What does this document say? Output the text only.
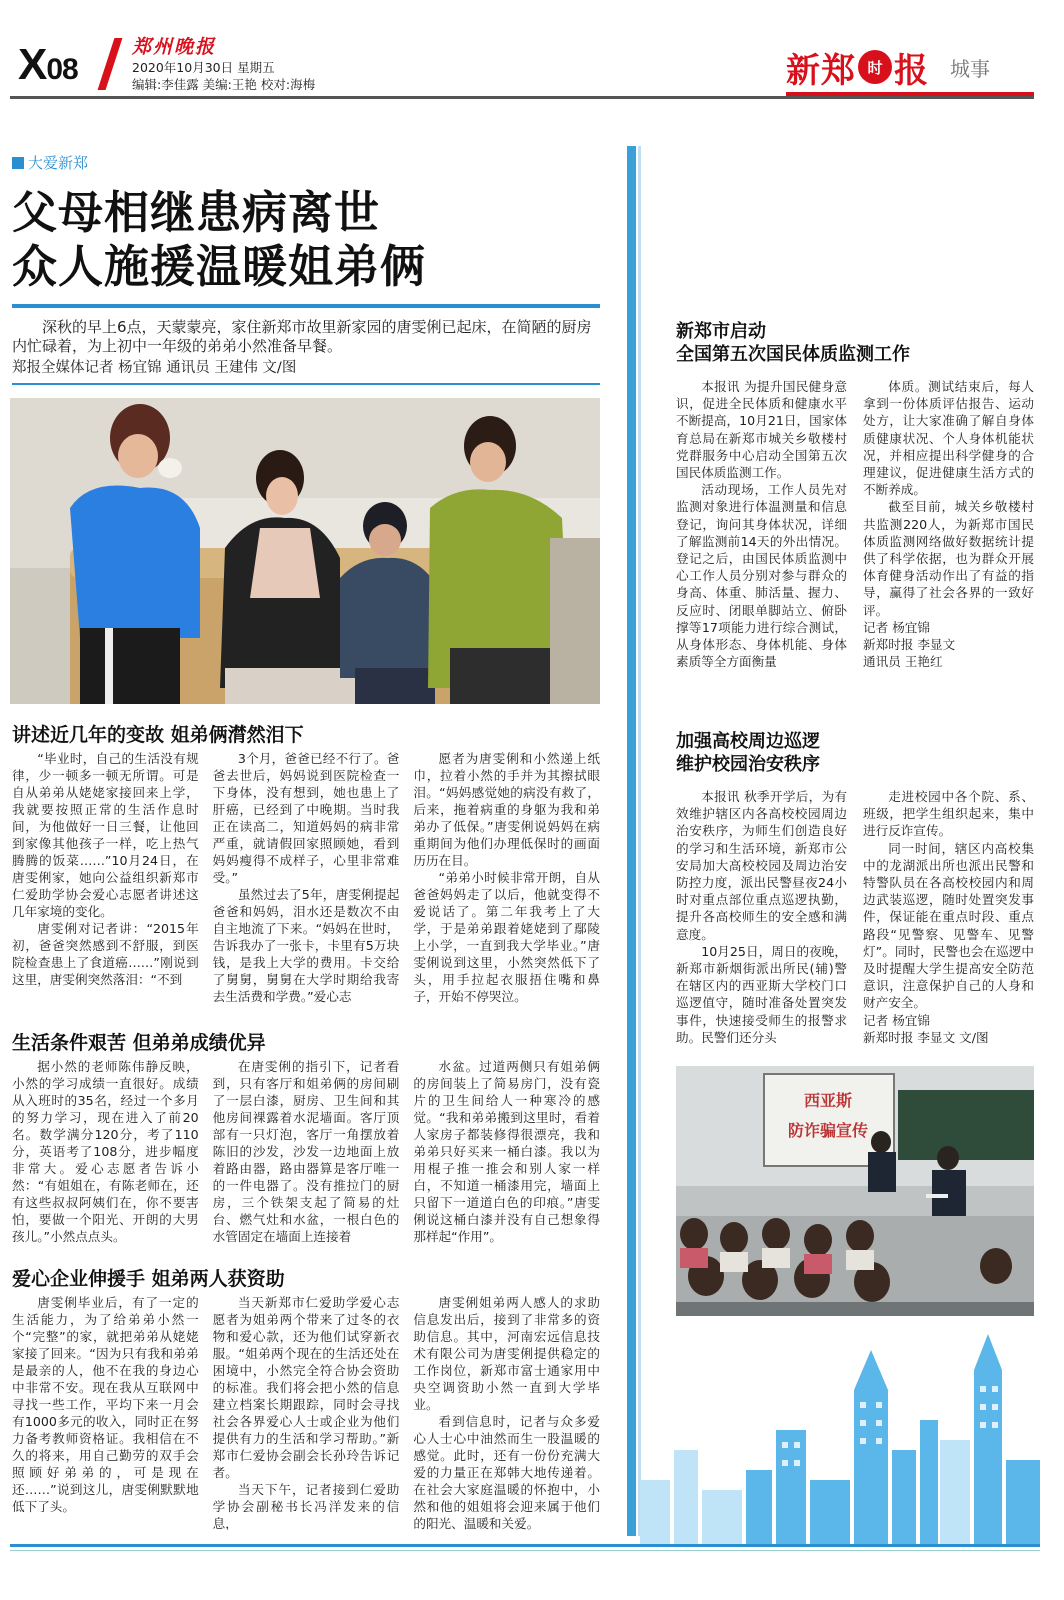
X08
郑州晚报
2020年10月30日 星期五
编辑:李佳露 美编:王艳 校对:海梅	新郑 时 报 城事
大爱新郑
父母相继患病离世
众人施援温暖姐弟俩
深秋的早上6点，天蒙蒙亮，家住新郑市故里新家园的唐雯俐已起床，在简陋的厨房内忙碌着，为上初中一年级的弟弟小然准备早餐。
郑报全媒体记者 杨宜锦 通讯员 王建伟 文/图
讲述近几年的变故 姐弟俩潸然泪下

“毕业时，自己的生活没有规律，少一顿多一顿无所谓。可是自从弟弟从姥姥家接回来上学，我就要按照正常的生活作息时间，为他做好一日三餐，让他回到家像其他孩子一样，吃上热气腾腾的饭菜……”10月24日，在唐雯俐家，她向公益组织新郑市仁爱助学协会爱心志愿者讲述这几年家境的变化。

唐雯俐对记者讲：“2015年初，爸爸突然感到不舒服，到医院检查患上了食道癌……”刚说到这里，唐雯俐突然落泪：“不到

3个月，爸爸已经不行了。爸爸去世后，妈妈说到医院检查一下身体，没有想到，她也患上了肝癌，已经到了中晚期。当时我正在读高二，知道妈妈的病非常严重，就请假回家照顾她，看到妈妈瘦得不成样子，心里非常难受。”

虽然过去了5年，唐雯俐提起爸爸和妈妈，泪水还是数次不由自主地流了下来。“妈妈在世时，告诉我办了一张卡，卡里有5万块钱，是我上大学的费用。卡交给了舅舅，舅舅在大学时期给我寄去生活费和学费。”爱心志

愿者为唐雯俐和小然递上纸巾，拉着小然的手并为其擦拭眼泪。“妈妈感觉她的病没有救了，后来，拖着病重的身躯为我和弟弟办了低保。”唐雯俐说妈妈在病重期间为他们办理低保时的画面历历在目。

“弟弟小时候非常开朗，自从爸爸妈妈走了以后，他就变得不爱说话了。第二年我考上了大学，于是弟弟跟着姥姥到了鄢陵上小学，一直到我大学毕业。”唐雯俐说到这里，小然突然低下了头，用手拉起衣服捂住嘴和鼻子，开始不停哭泣。

生活条件艰苦 但弟弟成绩优异

据小然的老师陈伟静反映，小然的学习成绩一直很好。成绩从入班时的35名，经过一个多月的努力学习，现在进入了前20名。数学满分120分，考了110分，英语考了108分，进步幅度非常大。爱心志愿者告诉小然：“有姐姐在，有陈老师在，还有这些叔叔阿姨们在，你不要害怕，要做一个阳光、开朗的大男孩儿。”小然点点头。

在唐雯俐的指引下，记者看到，只有客厅和姐弟俩的房间刷了一层白漆，厨房、卫生间和其他房间裸露着水泥墙面。客厅顶部有一只灯泡，客厅一角摆放着陈旧的沙发，沙发一边地面上放着路由器，路由器算是客厅唯一的一件电器了。没有推拉门的厨房，三个铁架支起了简易的灶台、燃气灶和水盆，一根白色的水管固定在墙面上连接着

水盆。过道两侧只有姐弟俩的房间装上了简易房门，没有瓷片的卫生间给人一种寒冷的感觉。“我和弟弟搬到这里时，看着人家房子都装修得很漂亮，我和弟弟只好买来一桶白漆。我以为用棍子推一推会和别人家一样白，不知道一桶漆用完，墙面上只留下一道道白色的印痕。”唐雯俐说这桶白漆并没有自己想象得那样起“作用”。

爱心企业伸援手 姐弟两人获资助

唐雯俐毕业后，有了一定的生活能力，为了给弟弟小然一个“完整”的家，就把弟弟从姥姥家接了回来。“因为只有我和弟弟是最亲的人，他不在我的身边心中非常不安。现在我从互联网中寻找一些工作，平均下来一月会有1000多元的收入，同时正在努力备考教师资格证。我相信在不久的将来，用自己勤劳的双手会照顾好弟弟的，可是现在还……”说到这儿，唐雯俐默默地低下了头。

当天新郑市仁爱助学爱心志愿者为姐弟两个带来了过冬的衣物和爱心款，还为他们试穿新衣服。“姐弟两个现在的生活还处在困境中，小然完全符合协会资助的标准。我们将会把小然的信息建立档案长期跟踪，同时会寻找社会各界爱心人士或企业为他们提供有力的生活和学习帮助。”新郑市仁爱协会副会长孙玲告诉记者。

当天下午，记者接到仁爱助学协会副秘书长冯洋发来的信息，

唐雯俐姐弟两人感人的求助信息发出后，接到了非常多的资助信息。其中，河南宏远信息技术有限公司为唐雯俐提供稳定的工作岗位，新郑市富士通家用中央空调资助小然一直到大学毕业。

看到信息时，记者与众多爱心人士心中油然而生一股温暖的感觉。此时，还有一份份充满大爱的力量正在郑韩大地传递着。在社会大家庭温暖的怀抱中，小然和他的姐姐将会迎来属于他们的阳光、温暖和关爱。

新郑市启动
全国第五次国民体质监测工作

本报讯 为提升国民健身意识，促进全民体质和健康水平不断提高，10月21日，国家体育总局在新郑市城关乡敬楼村党群服务中心启动全国第五次国民体质监测工作。

活动现场，工作人员先对监测对象进行体温测量和信息登记，询问其身体状况，详细了解监测前14天的外出情况。登记之后，由国民体质监测中心工作人员分别对参与群众的身高、体重、肺活量、握力、反应时、闭眼单脚站立、俯卧撑等17项能力进行综合测试，从身体形态、身体机能、身体素质等全方面衡量

体质。测试结束后，每人拿到一份体质评估报告、运动处方，让大家准确了解自身体质健康状况、个人身体机能状况，并相应提出科学健身的合理建议，促进健康生活方式的不断养成。

截至目前，城关乡敬楼村共监测220人，为新郑市国民体质监测网络做好数据统计提供了科学依据，也为群众开展体育健身活动作出了有益的指导，赢得了社会各界的一致好评。

记者 杨宜锦

新郑时报 李显文

通讯员 王艳红

加强高校周边巡逻
维护校园治安秩序

本报讯 秋季开学后，为有效维护辖区内各高校校园周边治安秩序，为师生们创造良好的学习和生活环境，新郑市公安局加大高校校园及周边治安防控力度，派出民警昼夜24小时对重点部位重点巡逻执勤，提升各高校师生的安全感和满意度。

10月25日，周日的夜晚，新郑市新烟街派出所民(辅)警在辖区内的西亚斯大学校门口巡逻值守，随时准备处置突发事件，快速接受师生的报警求助。民警们还分头

走进校园中各个院、系、班级，把学生组织起来，集中进行反诈宣传。

同一时间，辖区内高校集中的龙湖派出所也派出民警和特警队员在各高校校园内和周边武装巡逻，随时处置突发事件，保证能在重点时段、重点路段“见警察、见警车、见警灯”。同时，民警也会在巡逻中及时提醒大学生提高安全防范意识，注意保护自己的人身和财产安全。

记者 杨宜锦

新郑时报 李显文 文/图

西亚斯
防诈骗宣传
